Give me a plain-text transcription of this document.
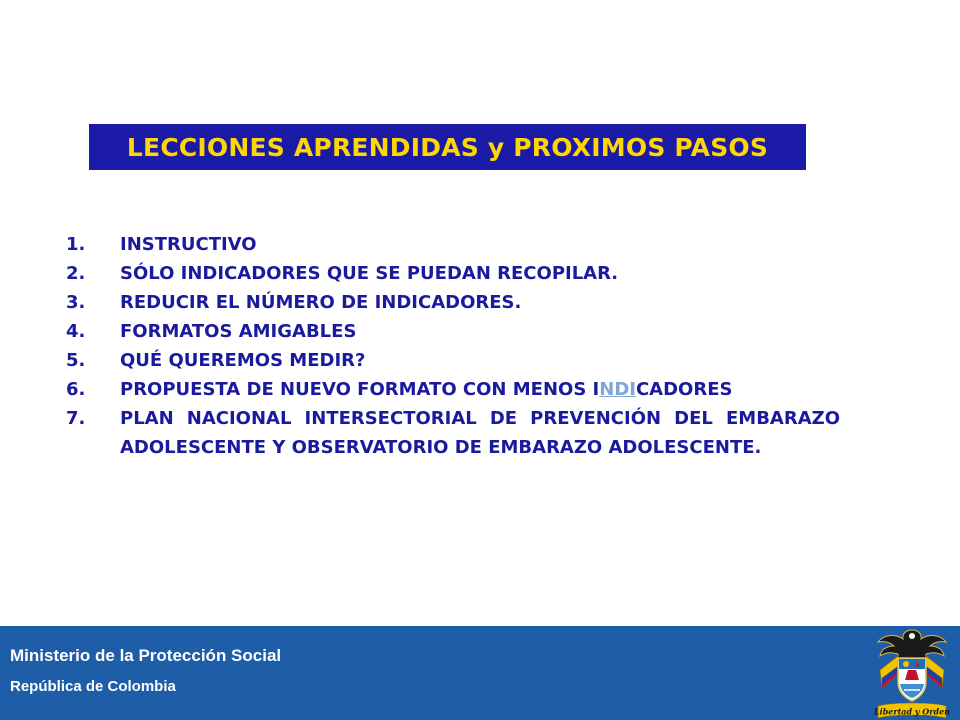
LECCIONES APRENDIDAS y PROXIMOS PASOS
1.	INSTRUCTIVO
2.	SÓLO INDICADORES QUE SE PUEDAN RECOPILAR.
3.	REDUCIR EL NÚMERO DE INDICADORES.
4.	FORMATOS AMIGABLES
5.	QUÉ QUEREMOS MEDIR?
6.	PROPUESTA DE NUEVO FORMATO CON MENOS INDICADORES
7.	PLAN NACIONAL INTERSECTORIAL DE PREVENCIÓN DEL EMBARAZO ADOLESCENTE Y OBSERVATORIO DE EMBARAZO ADOLESCENTE.
Ministerio de la Protección Social
República de Colombia
Libertad y Orden
